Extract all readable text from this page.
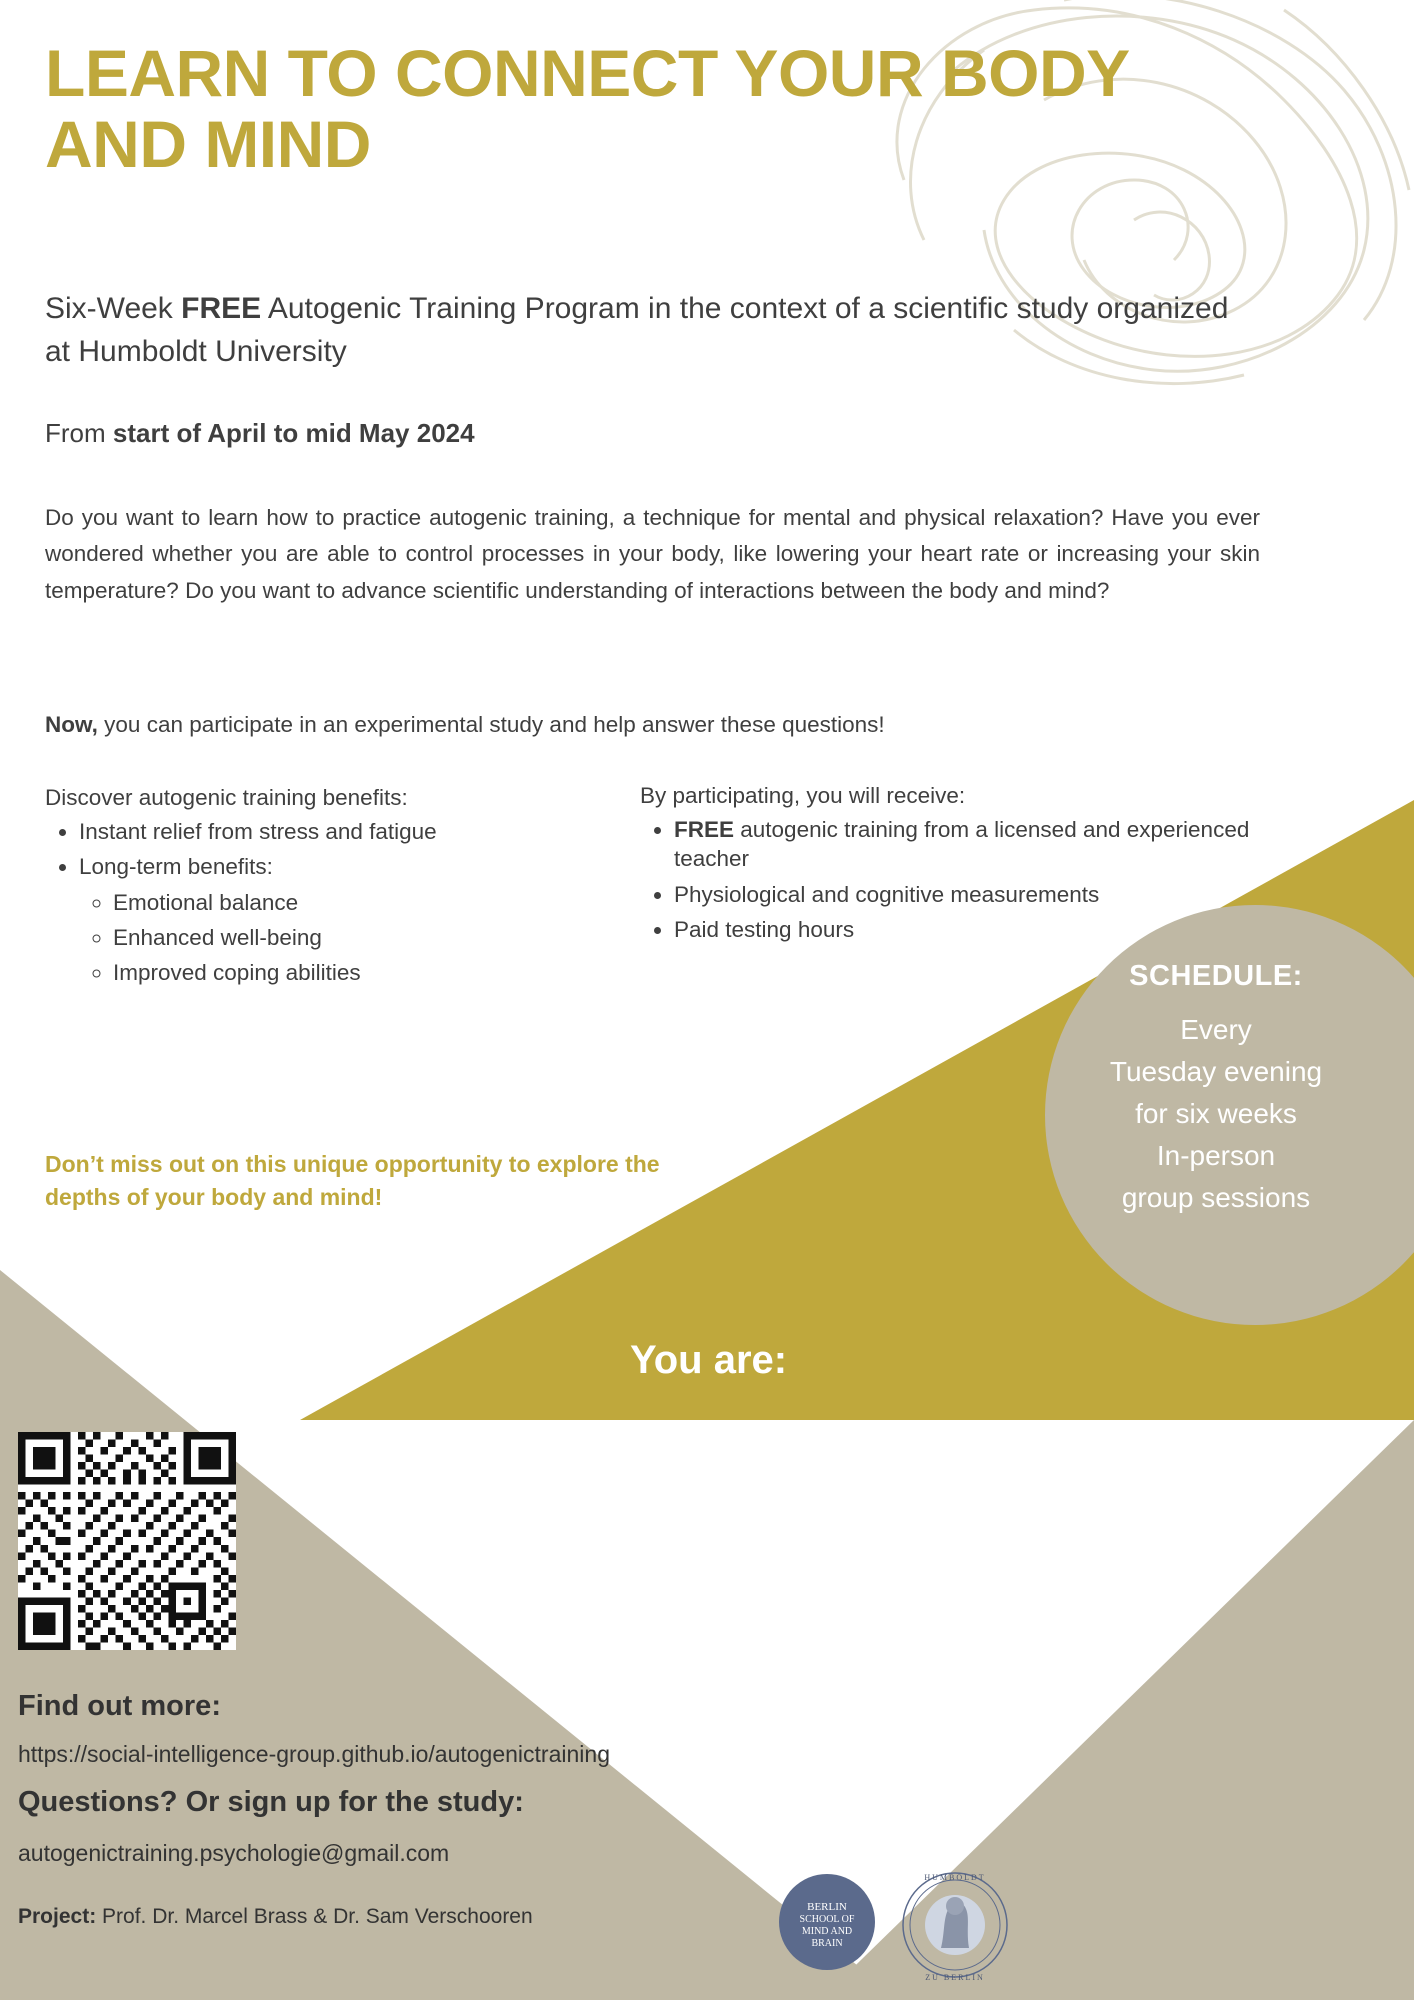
LEARN TO CONNECT YOUR BODY AND MIND
Six-Week FREE Autogenic Training Program in the context of a scientific study organized at Humboldt University
From start of April to mid May 2024
Do you want to learn how to practice autogenic training, a technique for mental and physical relaxation? Have you ever wondered whether you are able to control processes in your body, like lowering your heart rate or increasing your skin temperature? Do you want to advance scientific understanding of interactions between the body and mind?
Now, you can participate in an experimental study and help answer these questions!
Discover autogenic training benefits:
• Instant relief from stress and fatigue
• Long-term benefits:
◦ Emotional balance
◦ Enhanced well-being
◦ Improved coping abilities
By participating, you will receive:
• FREE autogenic training from a licensed and experienced teacher
• Physiological and cognitive measurements
• Paid testing hours
Don’t miss out on this unique opportunity to explore the depths of your body and mind!
SCHEDULE:
Every
Tuesday evening
for six weeks
In-person
group sessions
You are:
• Fluent German speaker
• Age: 18-40
• Mentally and physically healthy
• Intrinsically motivated
• No recreational drug use
Find out more:
https://social-intelligence-group.github.io/autogenictraining
Questions? Or sign up for the study:
autogenictraining.psychologie@gmail.com
Project: Prof. Dr. Marcel Brass & Dr. Sam Verschooren	BERLIN
SCHOOL OF
MIND AND
BRAIN
HUMBOLDT
ZU BERLIN
